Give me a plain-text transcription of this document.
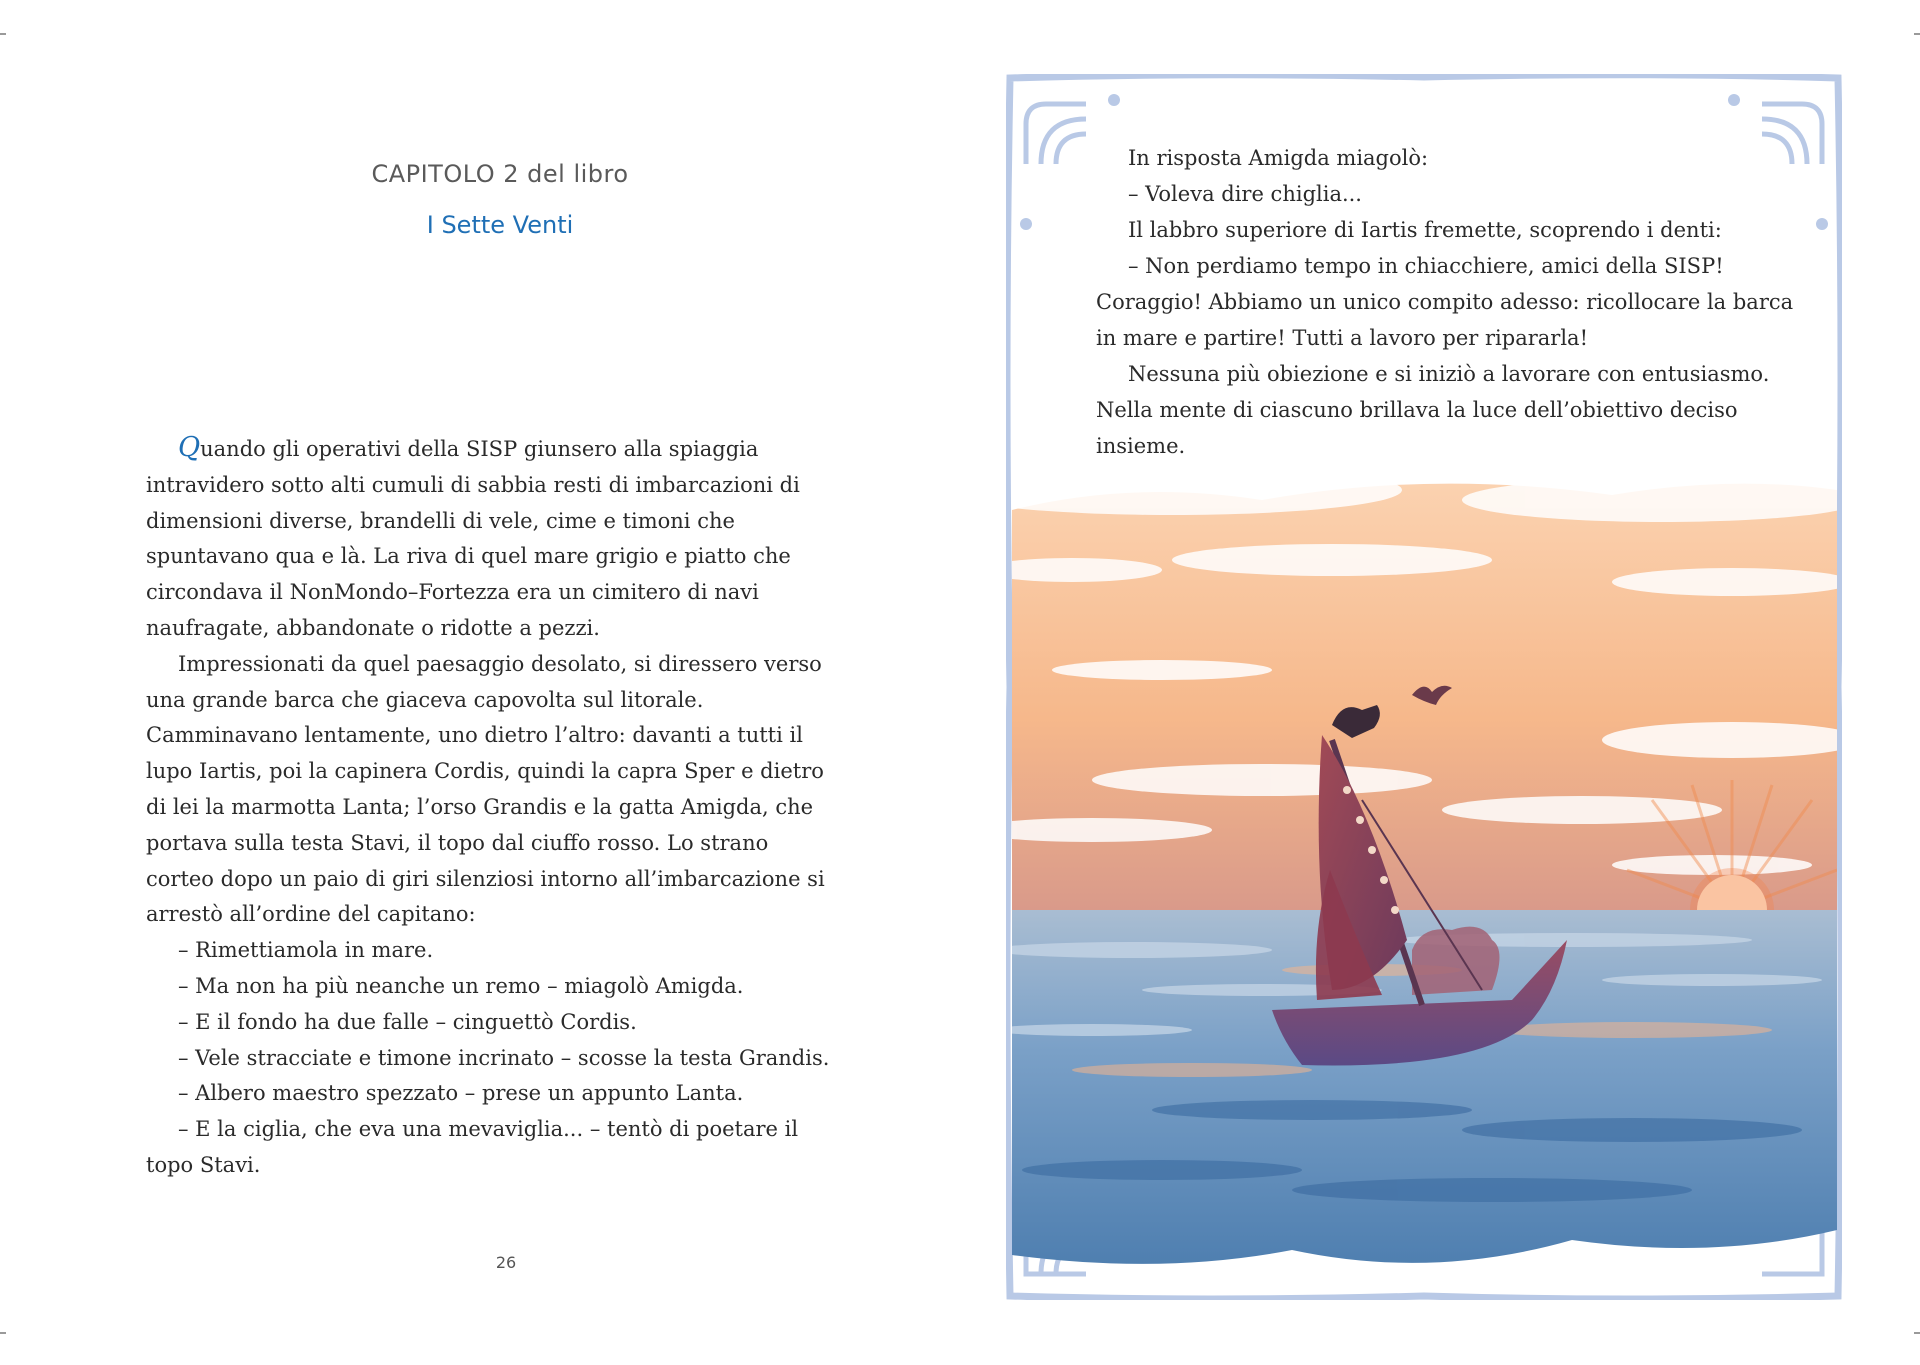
CAPITOLO 2 del libro
I Sette Venti

Quando gli operativi della SISP giunsero alla spiaggia intravidero sotto alti cumuli di sabbia resti di imbarcazioni di dimensioni diverse, brandelli di vele, cime e timoni che spuntavano qua e là. La riva di quel mare grigio e piatto che circondava il NonMondo–Fortezza era un cimitero di navi naufragate, abbandonate o ridotte a pezzi.

Impressionati da quel paesaggio desolato, si diressero verso una grande barca che giaceva capovolta sul litorale. Camminavano lentamente, uno dietro l’altro: davanti a tutti il lupo Iartis, poi la capinera Cordis, quindi la capra Sper e dietro di lei la marmotta Lanta; l’orso Grandis e la gatta Amigda, che portava sulla testa Stavi, il topo dal ciuffo rosso. Lo strano corteo dopo un paio di giri silenziosi intorno all’imbarcazione si arrestò all’ordine del capitano:

– Rimettiamola in mare.

– Ma non ha più neanche un remo – miagolò Amigda.

– E il fondo ha due falle – cinguettò Cordis.

– Vele stracciate e timone incrinato – scosse la testa Grandis.

– Albero maestro spezzato – prese un appunto Lanta.

– E la ciglia, che eva una mevaviglia... – tentò di poetare il topo Stavi.

26

In risposta Amigda miagolò:

– Voleva dire chiglia...

Il labbro superiore di Iartis fremette, scoprendo i denti:

– Non perdiamo tempo in chiacchiere, amici della SISP! Coraggio! Abbiamo un unico compito adesso: ricollocare la barca in mare e partire! Tutti a lavoro per ripararla!

Nessuna più obiezione e si iniziò a lavorare con entusiasmo. Nella mente di ciascuno brillava la luce dell’obiettivo deciso insieme.
